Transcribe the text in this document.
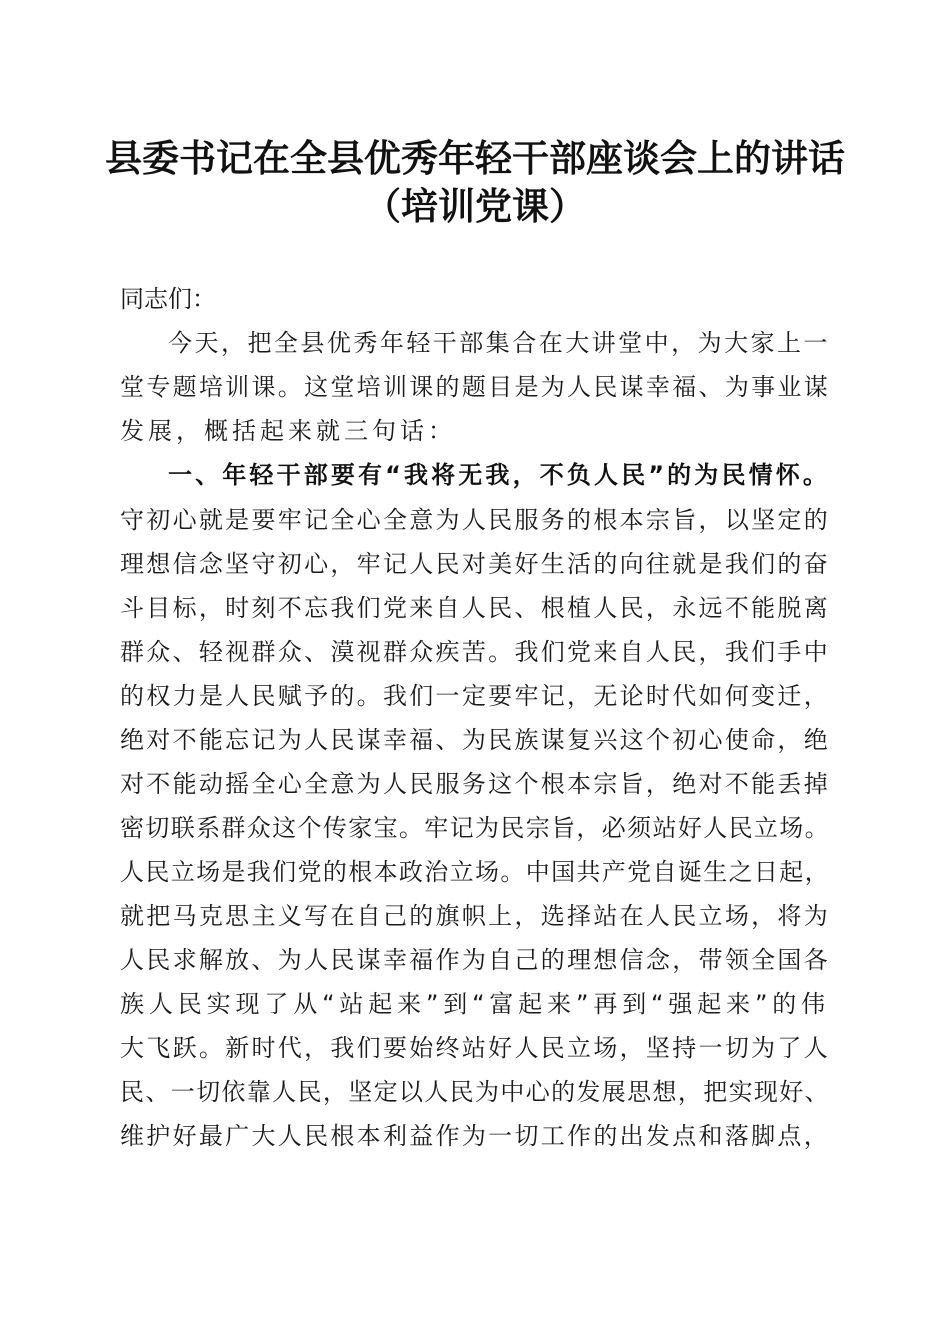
县委书记在全县优秀年轻干部座谈会上的讲话
（培训党课）
同志们：
今天，把全县优秀年轻干部集合在大讲堂中，为大家上一
堂专题培训课。这堂培训课的题目是为人民谋幸福、为事业谋
发展，概括起来就三句话：
一、年轻干部要有“我将无我，不负人民”的为民情怀。
守初心就是要牢记全心全意为人民服务的根本宗旨，以坚定的
理想信念坚守初心，牢记人民对美好生活的向往就是我们的奋
斗目标，时刻不忘我们党来自人民、根植人民，永远不能脱离
群众、轻视群众、漠视群众疾苦。我们党来自人民，我们手中
的权力是人民赋予的。我们一定要牢记，无论时代如何变迁，
绝对不能忘记为人民谋幸福、为民族谋复兴这个初心使命，绝
对不能动摇全心全意为人民服务这个根本宗旨，绝对不能丢掉
密切联系群众这个传家宝。牢记为民宗旨，必须站好人民立场。
人民立场是我们党的根本政治立场。中国共产党自诞生之日起，
就把马克思主义写在自己的旗帜上，选择站在人民立场，将为
人民求解放、为人民谋幸福作为自己的理想信念，带领全国各
族人民实现了从“站起来”到“富起来”再到“强起来”的伟
大飞跃。新时代，我们要始终站好人民立场，坚持一切为了人
民、一切依靠人民，坚定以人民为中心的发展思想，把实现好、
维护好最广大人民根本利益作为一切工作的出发点和落脚点，
